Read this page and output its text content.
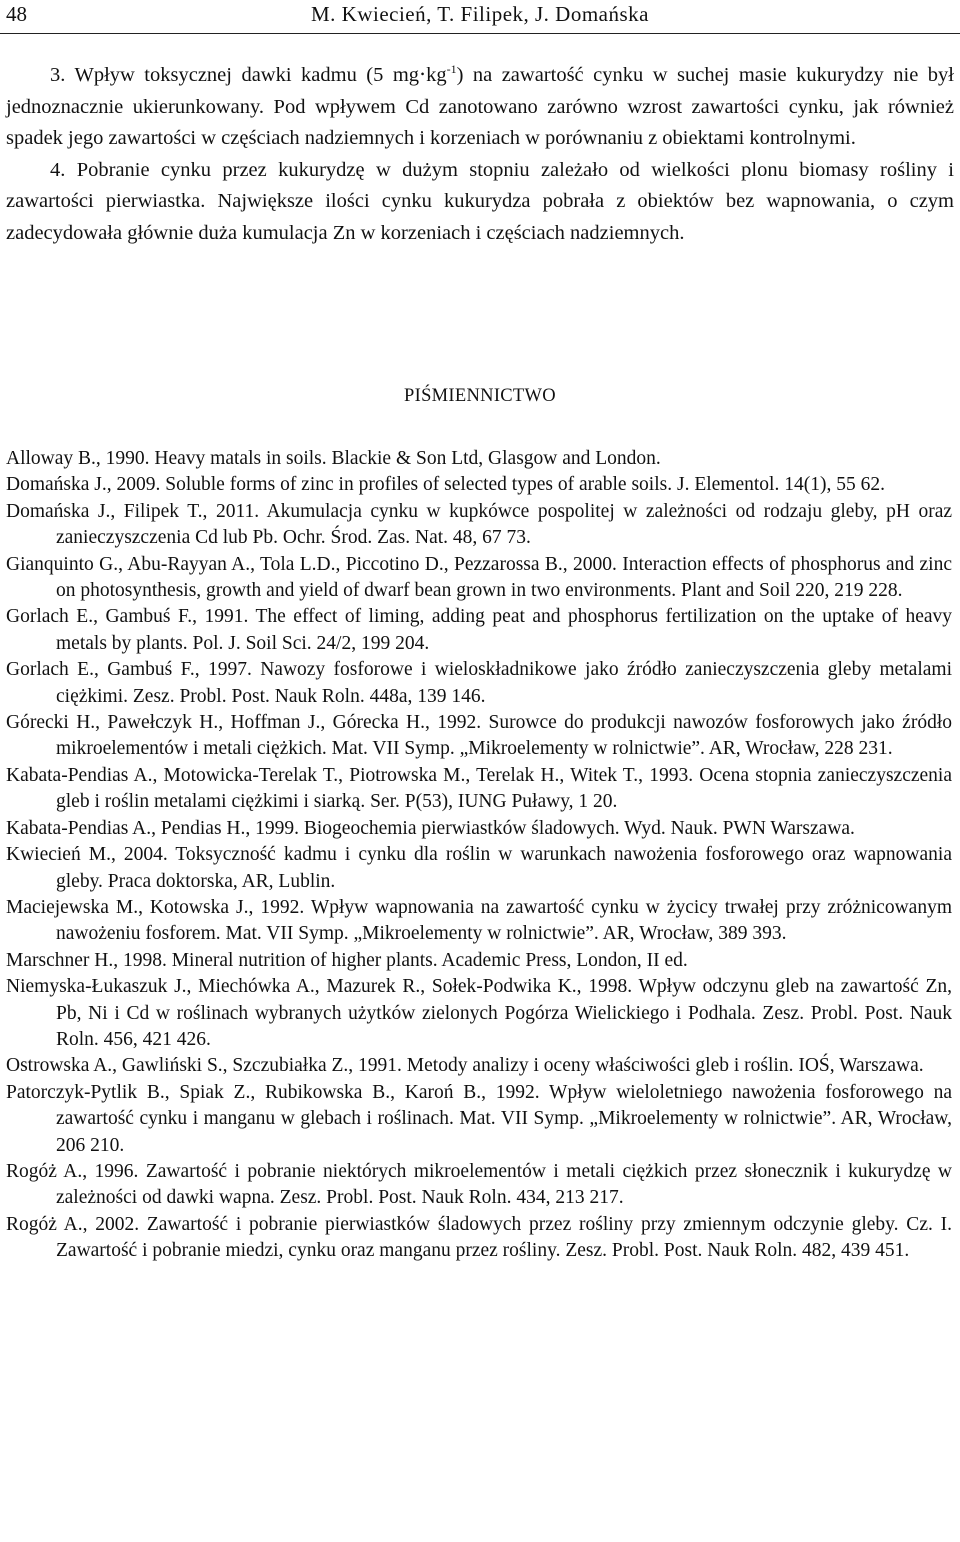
48	M. Kwiecień, T. Filipek, J. Domańska

3. Wpływ toksycznej dawki kadmu (5 $mg\cdot kg^{-1}$) na zawartość cynku w suchej masie kukurydzy nie był jednoznacznie ukierunkowany. Pod wpływem Cd zanotowano zarówno wzrost zawartości cynku, jak również spadek jego zawartości w częściach nadziemnych i korzeniach w porównaniu z obiektami kontrolnymi.

4. Pobranie cynku przez kukurydzę w dużym stopniu zależało od wielkości plonu biomasy rośliny i zawartości pierwiastka. Największe ilości cynku kukurydza pobrała z obiektów bez wapnowania, o czym zadecydowała głównie duża kumulacja Zn w korzeniach i częściach nadziemnych.

PIŚMIENNICTWO

Alloway B., 1990. Heavy matals in soils. Blackie & Son Ltd, Glasgow and London.

Domańska J., 2009. Soluble forms of zinc in profiles of selected types of arable soils. J. Elementol. 14(1), 55 62.

Domańska J., Filipek T., 2011. Akumulacja cynku w kupkówce pospolitej w zależności od rodzaju gleby, pH oraz zanieczyszczenia Cd lub Pb. Ochr. Środ. Zas. Nat. 48, 67 73.

Gianquinto G., Abu-Rayyan A., Tola L.D., Piccotino D., Pezzarossa B., 2000. Interaction effects of phosphorus and zinc on photosynthesis, growth and yield of dwarf bean grown in two environments. Plant and Soil 220, 219 228.

Gorlach E., Gambuś F., 1991. The effect of liming, adding peat and phosphorus fertilization on the uptake of heavy metals by plants. Pol. J. Soil Sci. 24/2, 199 204.

Gorlach E., Gambuś F., 1997. Nawozy fosforowe i wieloskładnikowe jako źródło zanieczyszczenia gleby metalami ciężkimi. Zesz. Probl. Post. Nauk Roln. 448a, 139 146.

Górecki H., Pawełczyk H., Hoffman J., Górecka H., 1992. Surowce do produkcji nawozów fosforowych jako źródło mikroelementów i metali ciężkich. Mat. VII Symp. „Mikroelementy w rolnictwie”. AR, Wrocław, 228 231.

Kabata-Pendias A., Motowicka-Terelak T., Piotrowska M., Terelak H., Witek T., 1993. Ocena stopnia zanieczyszczenia gleb i roślin metalami ciężkimi i siarką. Ser. P(53), IUNG Puławy, 1 20.

Kabata-Pendias A., Pendias H., 1999. Biogeochemia pierwiastków śladowych. Wyd. Nauk. PWN Warszawa.

Kwiecień M., 2004. Toksyczność kadmu i cynku dla roślin w warunkach nawożenia fosforowego oraz wapnowania gleby. Praca doktorska, AR, Lublin.

Maciejewska M., Kotowska J., 1992. Wpływ wapnowania na zawartość cynku w życicy trwałej przy zróżnicowanym nawożeniu fosforem. Mat. VII Symp. „Mikroelementy w rolnictwie”. AR, Wrocław, 389 393.

Marschner H., 1998. Mineral nutrition of higher plants. Academic Press, London, II ed.

Niemyska-Łukaszuk J., Miechówka A., Mazurek R., Sołek-Podwika K., 1998. Wpływ odczynu gleb na zawartość Zn, Pb, Ni i Cd w roślinach wybranych użytków zielonych Pogórza Wielickiego i Podhala. Zesz. Probl. Post. Nauk Roln. 456, 421 426.

Ostrowska A., Gawliński S., Szczubiałka Z., 1991. Metody analizy i oceny właściwości gleb i roślin. IOŚ, Warszawa.

Patorczyk-Pytlik B., Spiak Z., Rubikowska B., Karoń B., 1992. Wpływ wieloletniego nawożenia fosforowego na zawartość cynku i manganu w glebach i roślinach. Mat. VII Symp. „Mikroelementy w rolnictwie”. AR, Wrocław, 206 210.

Rogóż A., 1996. Zawartość i pobranie niektórych mikroelementów i metali ciężkich przez słonecznik i kukurydzę w zależności od dawki wapna. Zesz. Probl. Post. Nauk Roln. 434, 213 217.

Rogóż A., 2002. Zawartość i pobranie pierwiastków śladowych przez rośliny przy zmiennym odczynie gleby. Cz. I. Zawartość i pobranie miedzi, cynku oraz manganu przez rośliny. Zesz. Probl. Post. Nauk Roln. 482, 439 451.
